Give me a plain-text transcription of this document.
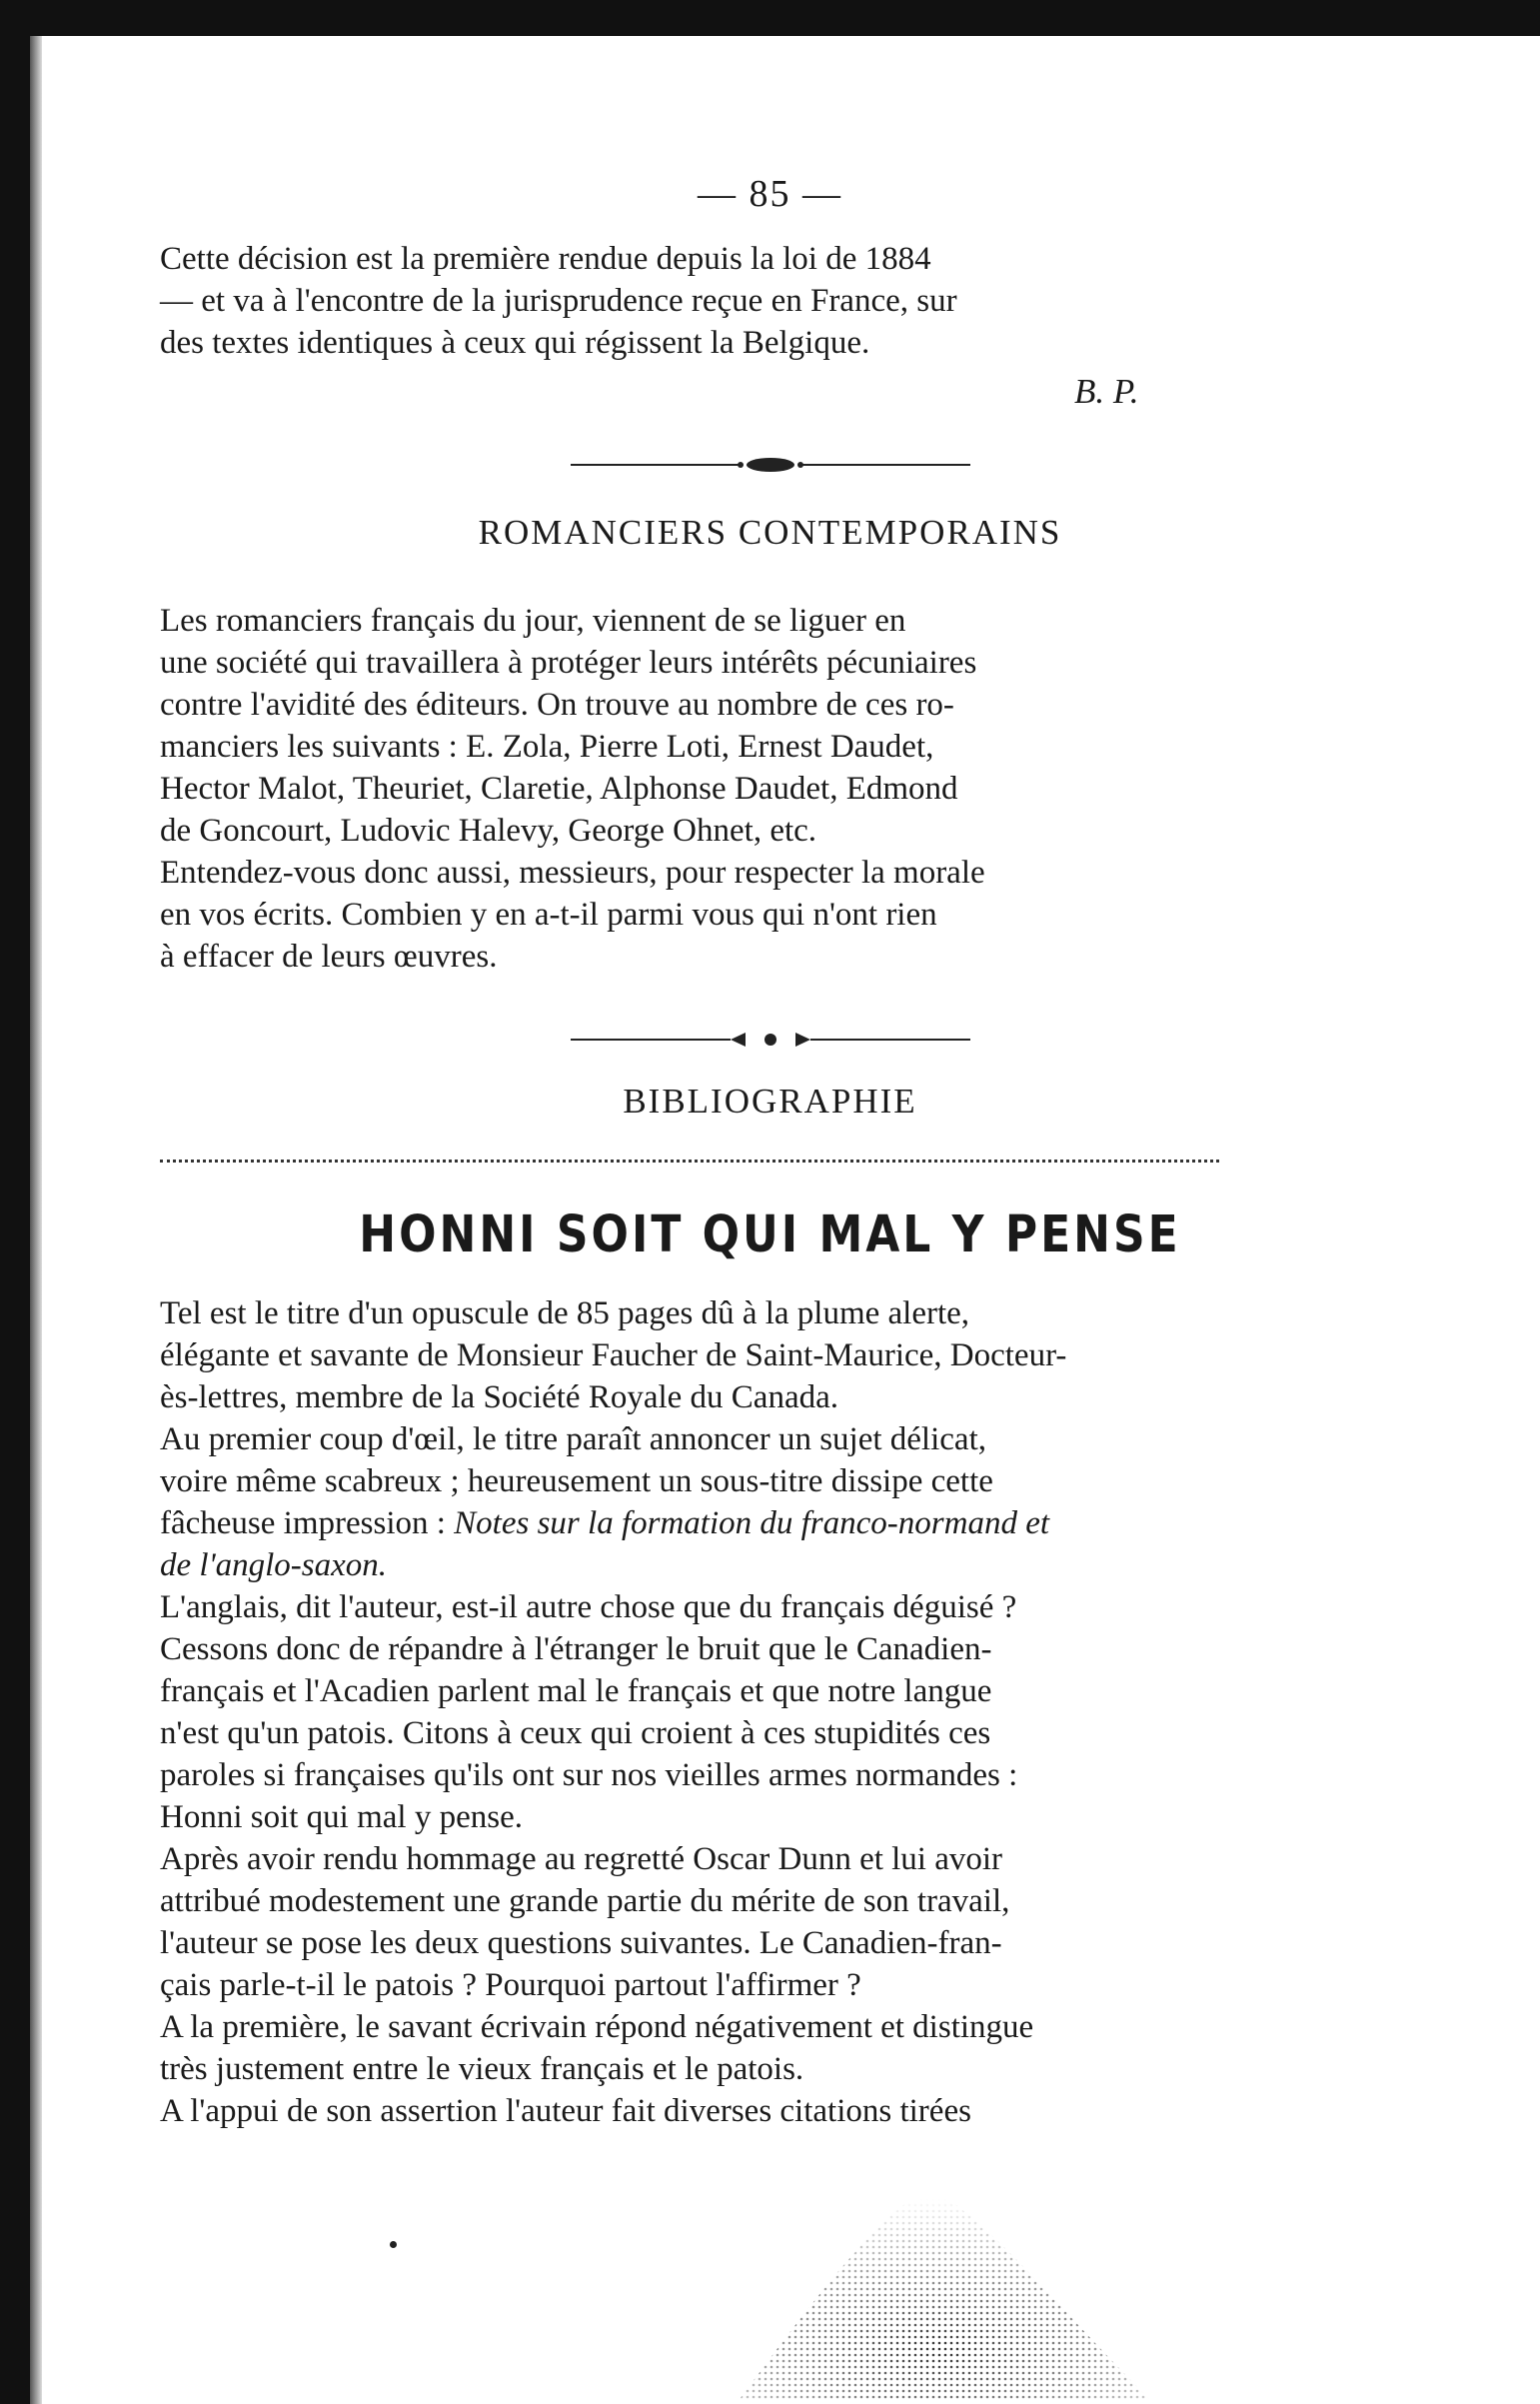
— 85 —

Cette décision est la première rendue depuis la loi de 1884
— et va à l'encontre de la jurisprudence reçue en France, sur
des textes identiques à ceux qui régissent la Belgique.

B. P.
ROMANCIERS CONTEMPORAINS

Les romanciers français du jour, viennent de se liguer en
une société qui travaillera à protéger leurs intérêts pécuniaires
contre l'avidité des éditeurs. On trouve au nombre de ces ro-
manciers les suivants : E. Zola, Pierre Loti, Ernest Daudet,
Hector Malot, Theuriet, Claretie, Alphonse Daudet, Edmond
de Goncourt, Ludovic Halevy, George Ohnet, etc.

Entendez-vous donc aussi, messieurs, pour respecter la morale
en vos écrits. Combien y en a-t-il parmi vous qui n'ont rien
à effacer de leurs œuvres.

BIBLIOGRAPHIE
HONNI SOIT QUI MAL Y PENSE

Tel est le titre d'un opuscule de 85 pages dû à la plume alerte,
élégante et savante de Monsieur Faucher de Saint-Maurice, Docteur-
ès-lettres, membre de la Société Royale du Canada.

Au premier coup d'œil, le titre paraît annoncer un sujet délicat,
voire même scabreux ; heureusement un sous-titre dissipe cette
fâcheuse impression : Notes sur la formation du franco-normand et
de l'anglo-saxon.

L'anglais, dit l'auteur, est-il autre chose que du français déguisé ?
Cessons donc de répandre à l'étranger le bruit que le Canadien-
français et l'Acadien parlent mal le français et que notre langue
n'est qu'un patois. Citons à ceux qui croient à ces stupidités ces
paroles si françaises qu'ils ont sur nos vieilles armes normandes :
Honni soit qui mal y pense.

Après avoir rendu hommage au regretté Oscar Dunn et lui avoir
attribué modestement une grande partie du mérite de son travail,
l'auteur se pose les deux questions suivantes. Le Canadien-fran-
çais parle-t-il le patois ? Pourquoi partout l'affirmer ?

A la première, le savant écrivain répond négativement et distingue
très justement entre le vieux français et le patois.

A l'appui de son assertion l'auteur fait diverses citations tirées
